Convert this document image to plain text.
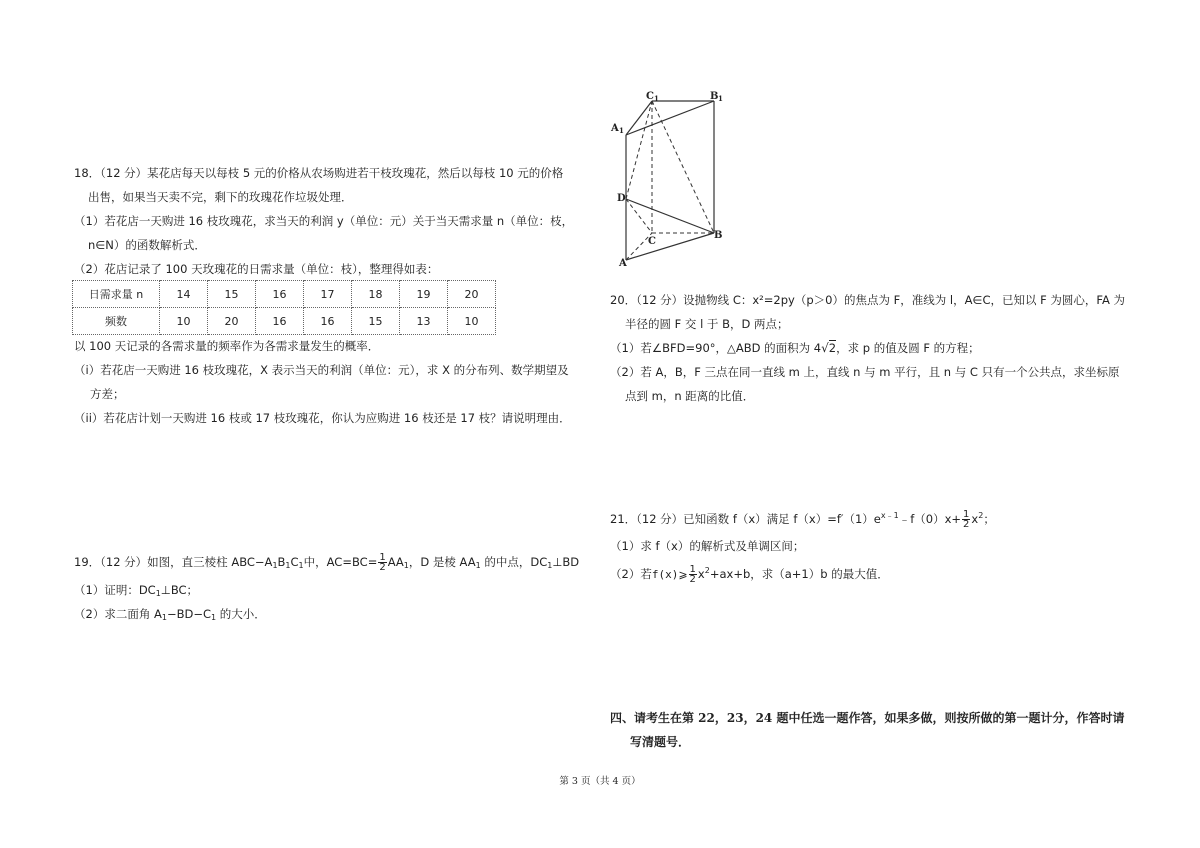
18．（12 分）某花店每天以每枝 5 元的价格从农场购进若干枝玫瑰花，然后以每枝 10 元的价格
出售，如果当天卖不完，剩下的玫瑰花作垃圾处理．
（1）若花店一天购进 16 枝玫瑰花，求当天的利润 y（单位：元）关于当天需求量 n（单位：枝，
n∈N）的函数解析式．
（2）花店记录了 100 天玫瑰花的日需求量（单位：枝），整理得如表：
日需求量 n	14	15	16	17	18	19	20
频数	10	20	16	16	15	13	10
以 100 天记录的各需求量的频率作为各需求量发生的概率．
（i）若花店一天购进 16 枝玫瑰花，X 表示当天的利润（单位：元），求 X 的分布列、数学期望及
方差；
（ii）若花店计划一天购进 16 枝或 17 枝玫瑰花，你认为应购进 16 枝还是 17 枝？请说明理由．
19．（12 分）如图，直三棱柱 $ABC-A_1B_1C_1$中，$AC=BC= \frac{1}{2} AA_1$，D 是棱 $AA_1$ 的中点，$DC_1\perp BD$
（1）证明：$DC_1\perp BC$；
（2）求二面角 $A_1-BD-C_1$ 的大小．
C 1	B 1
A 1
D
C
B
A
20．（12 分）设抛物线 C：x²=2py（p＞0）的焦点为 F，准线为 l，A∈C，已知以 F 为圆心，FA 为
半径的圆 F 交 l 于 B，D 两点；
（1）若∠BFD=90°，△ABD 的面积为 4√2，求 p 的值及圆 F 的方程；
（2）若 A，B，F 三点在同一直线 m 上，直线 n 与 m 平行，且 n 与 C 只有一个公共点，求坐标原
点到 m，n 距离的比值．
21．（12 分）已知函数 f（x）满足 $f(x)=f'(1)e^{x﹣1}﹣f(0)x+ \frac{1}{2} x^2$；
（1）求 f（x）的解析式及单调区间；
（2）若f(x)⩾ $\frac{1}{2} x^2+ax+b$，求（a+1）b 的最大值．
四、请考生在第 22，23，24 题中任选一题作答，如果多做，则按所做的第一题计分，作答时请
写清题号．
第 3 页（共 4 页）
